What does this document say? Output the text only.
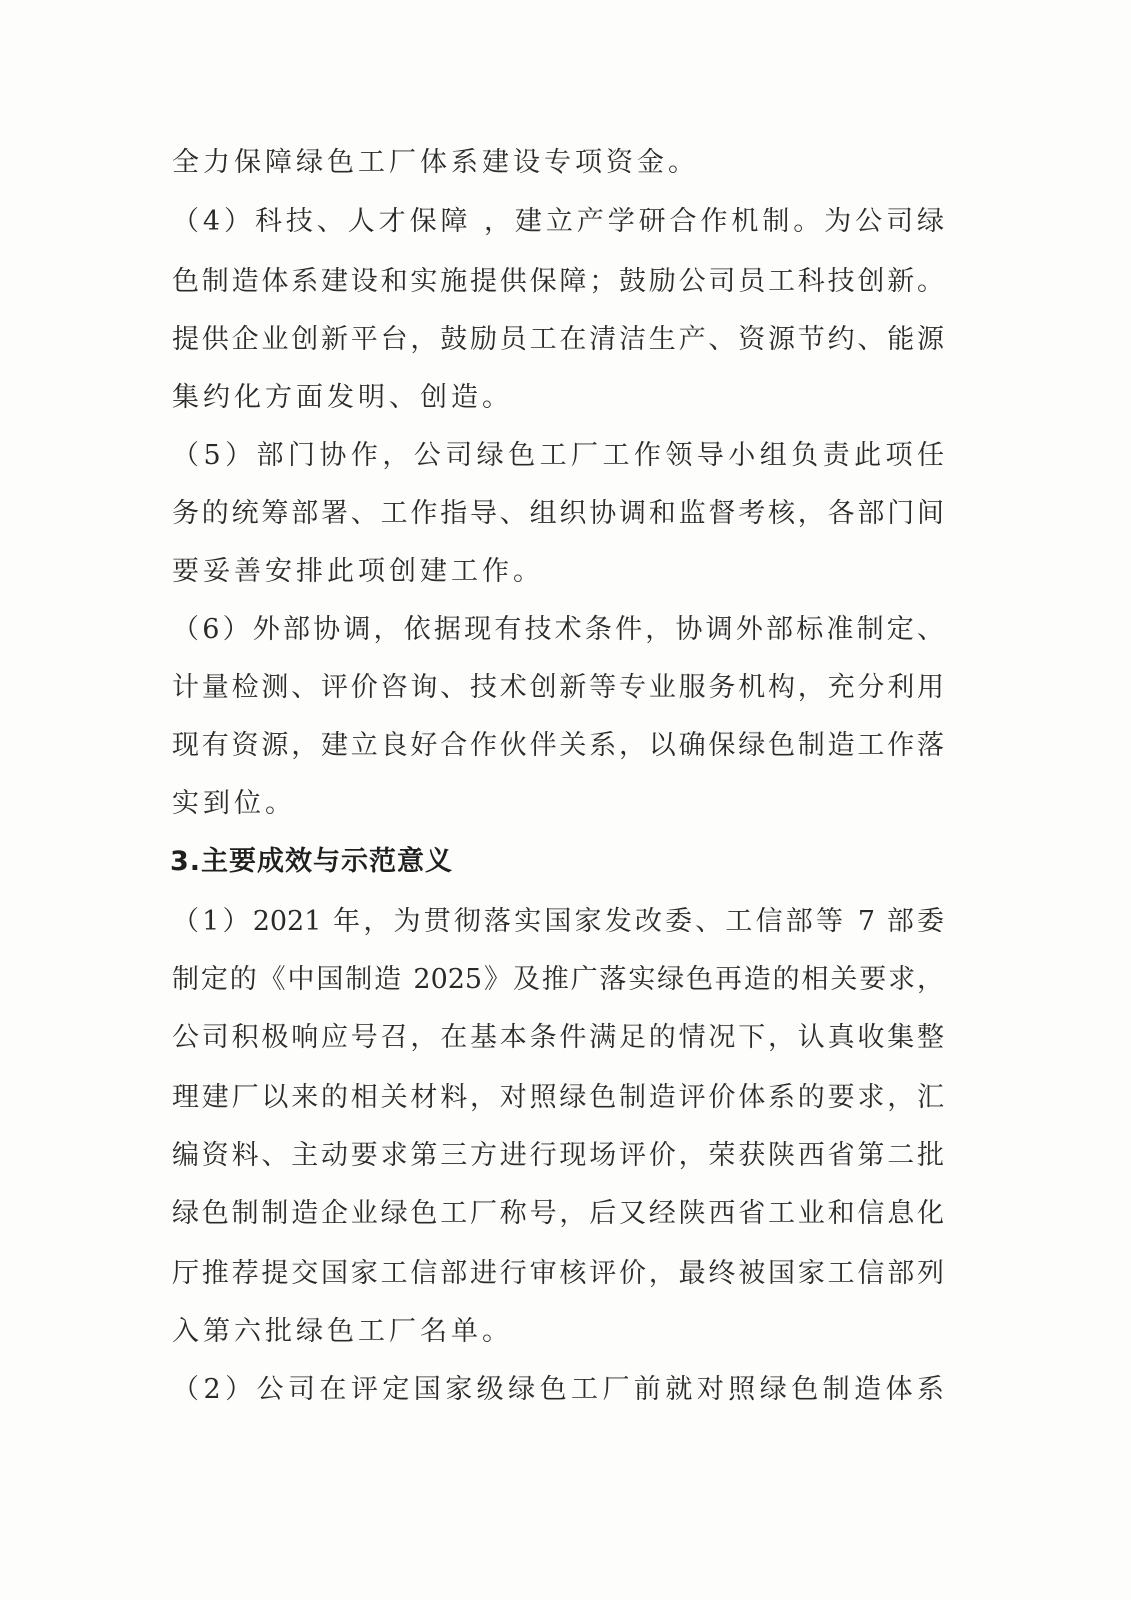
全力保障绿色工厂体系建设专项资金。
（4）科技、人才保障 ，建立产学研合作机制。为公司绿
色制造体系建设和实施提供保障；鼓励公司员工科技创新。
提供企业创新平台，鼓励员工在清洁生产、资源节约、能源
集约化方面发明、创造。
（5）部门协作，公司绿色工厂工作领导小组负责此项任
务的统筹部署、工作指导、组织协调和监督考核，各部门间
要妥善安排此项创建工作。
（6）外部协调，依据现有技术条件，协调外部标准制定、
计量检测、评价咨询、技术创新等专业服务机构，充分利用
现有资源，建立良好合作伙伴关系，以确保绿色制造工作落
实到位。
3.主要成效与示范意义
（1）2021 年，为贯彻落实国家发改委、工信部等 7 部委
制定的《中国制造 2025》及推广落实绿色再造的相关要求，
公司积极响应号召，在基本条件满足的情况下，认真收集整
理建厂以来的相关材料，对照绿色制造评价体系的要求，汇
编资料、主动要求第三方进行现场评价，荣获陕西省第二批
绿色制制造企业绿色工厂称号，后又经陕西省工业和信息化
厅推荐提交国家工信部进行审核评价，最终被国家工信部列
入第六批绿色工厂名单。
（2）公司在评定国家级绿色工厂前就对照绿色制造体系
